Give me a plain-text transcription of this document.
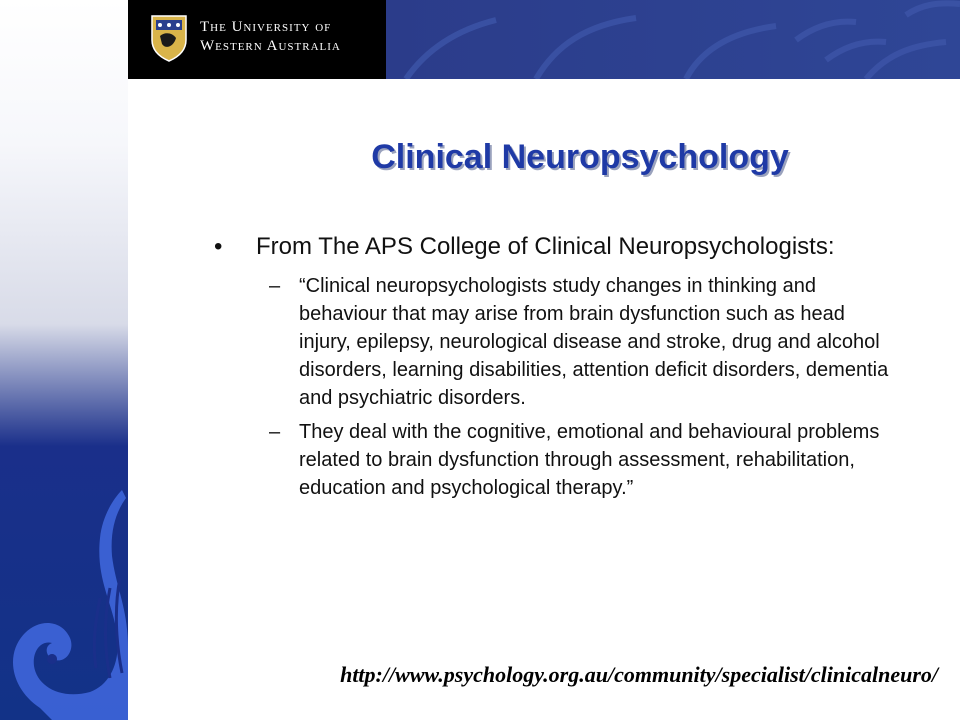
The University of
Western Australia
Clinical Neuropsychology
•	From The APS College of Clinical Neuropsychologists:
– “Clinical neuropsychologists study changes in thinking and behaviour that may arise from brain dysfunction such as head injury, epilepsy, neurological disease and stroke, drug and alcohol disorders, learning disabilities, attention deficit disorders, dementia and psychiatric disorders.
– They deal with the cognitive, emotional and behavioural problems related to brain dysfunction through assessment, rehabilitation, education and psychological therapy.”
http://www.psychology.org.au/community/specialist/clinicalneuro/
